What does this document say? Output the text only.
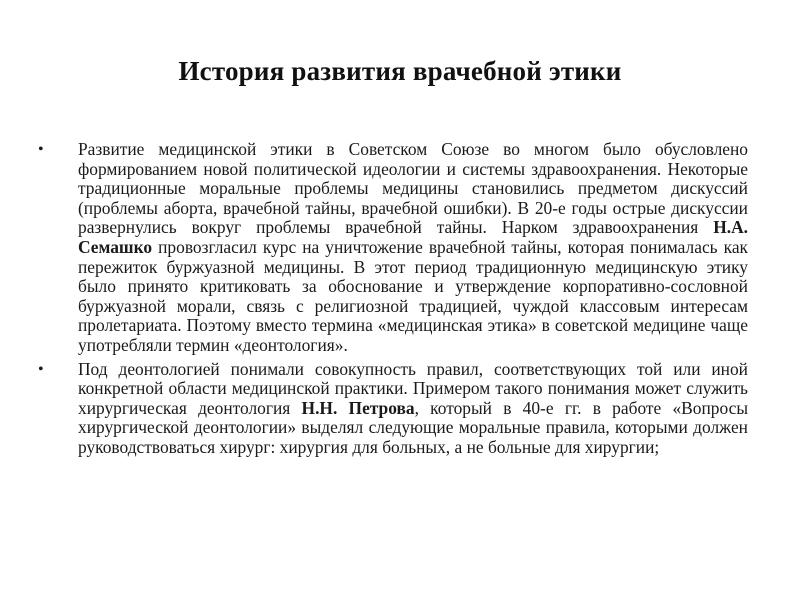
История развития врачебной этики
• Развитие медицинской этики в Советском Союзе во многом было обусловлено формированием новой политической идеологии и системы здравоохранения. Некоторые традиционные моральные проблемы медицины становились предметом дискуссий (проблемы аборта, врачебной тайны, врачебной ошибки). В 20-е годы острые дискуссии развернулись вокруг проблемы врачебной тайны. Нарком здравоохранения Н.А. Семашко провозгласил курс на уничтожение врачебной тайны, которая понималась как пережиток буржуазной медицины. В этот период традиционную медицинскую этику было принято критиковать за обоснование и утверждение корпоративно-сословной буржуазной морали, связь с религиозной традицией, чуждой классовым интересам пролетариата. Поэтому вместо термина «медицинская этика» в советской медицине чаще употребляли термин «деонтология».
• Под деонтологией понимали совокупность правил, соответствующих той или иной конкретной области медицинской практики. Примером такого понимания может служить хирургическая деонтология Н.Н. Петрова, который в 40-е гг. в работе «Вопросы хирургической деонтологии» выделял следующие моральные правила, которыми должен руководствоваться хирург: хирургия для больных, а не больные для хирургии;
